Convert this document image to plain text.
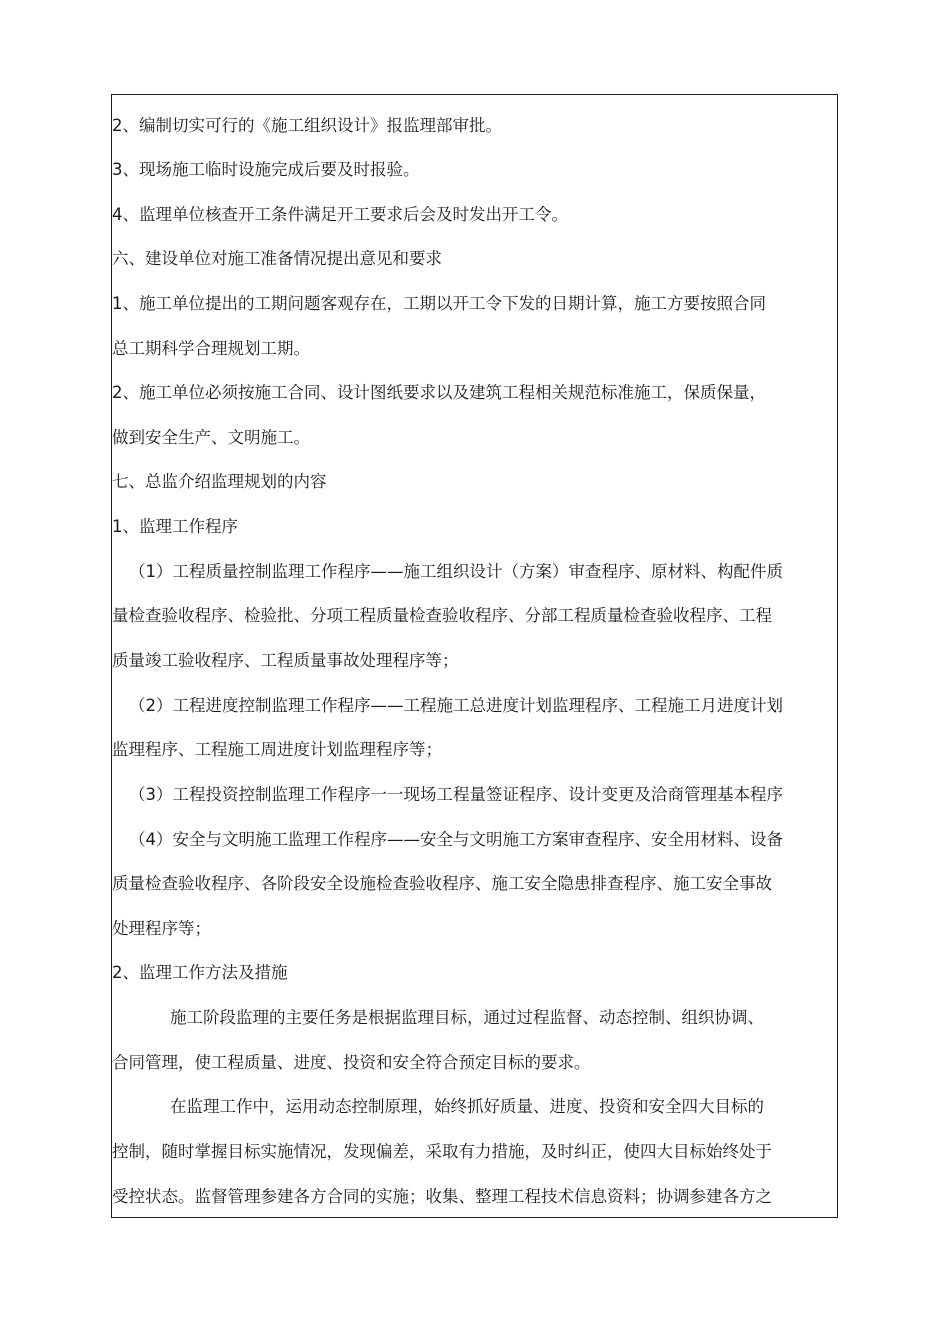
2、编制切实可行的《施工组织设计》报监理部审批。
3、现场施工临时设施完成后要及时报验。
4、监理单位核查开工条件满足开工要求后会及时发出开工令。
六、建设单位对施工准备情况提出意见和要求
1、施工单位提出的工期问题客观存在，工期以开工令下发的日期计算，施工方要按照合同
总工期科学合理规划工期。
2、施工单位必须按施工合同、设计图纸要求以及建筑工程相关规范标准施工，保质保量，
做到安全生产、文明施工。
七、总监介绍监理规划的内容
1、监理工作程序
（1）工程质量控制监理工作程序——施工组织设计（方案）审查程序、原材料、构配件质
量检查验收程序、检验批、分项工程质量检查验收程序、分部工程质量检查验收程序、工程
质量竣工验收程序、工程质量事故处理程序等；
（2）工程进度控制监理工作程序——工程施工总进度计划监理程序、工程施工月进度计划
监理程序、工程施工周进度计划监理程序等；
（3）工程投资控制监理工作程序一一现场工程量签证程序、设计变更及洽商管理基本程序
（4）安全与文明施工监理工作程序——安全与文明施工方案审查程序、安全用材料、设备
质量检查验收程序、各阶段安全设施检查验收程序、施工安全隐患排查程序、施工安全事故
处理程序等；
2、监理工作方法及措施
施工阶段监理的主要任务是根据监理目标，通过过程监督、动态控制、组织协调、
合同管理，使工程质量、进度、投资和安全符合预定目标的要求。
在监理工作中，运用动态控制原理，始终抓好质量、进度、投资和安全四大目标的
控制，随时掌握目标实施情况，发现偏差，采取有力措施，及时纠正，使四大目标始终处于
受控状态。监督管理参建各方合同的实施；收集、整理工程技术信息资料；协调参建各方之
